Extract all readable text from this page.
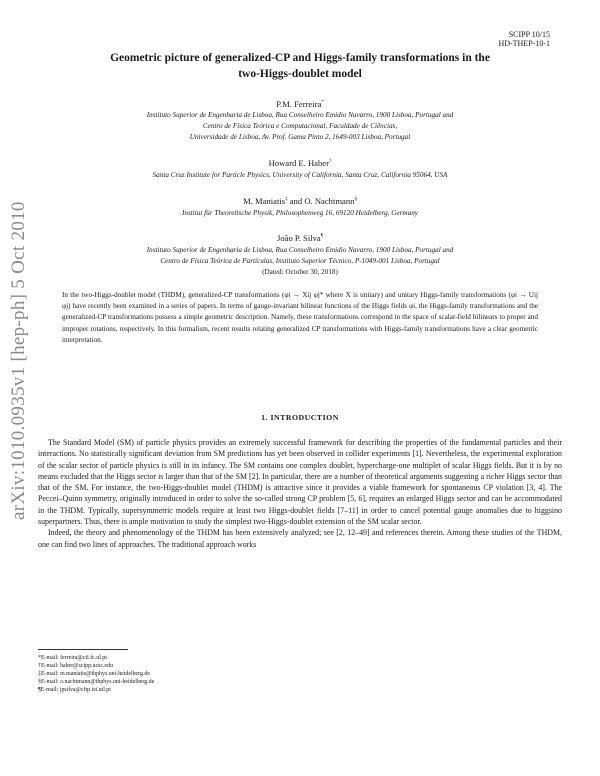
SCIPP 10/15
HD-THEP-10-1
arXiv:1010.0935v1 [hep-ph] 5 Oct 2010
Geometric picture of generalized-CP and Higgs-family transformations in the
two-Higgs-doublet model
P.M. Ferreira*
Instituto Superior de Engenharia de Lisboa, Rua Conselheiro Emídio Navarro, 1900 Lisboa, Portugal and
Centro de Física Teórica e Computacional, Faculdade de Ciências,
Universidade de Lisboa, Av. Prof. Gama Pinto 2, 1649-003 Lisboa, Portugal
Howard E. Haber†
Santa Cruz Institute for Particle Physics, University of California, Santa Cruz, California 95064, USA
M. Maniatis‡ and O. Nachtmann§
Institut für Theoretische Physik, Philosophenweg 16, 69120 Heidelberg, Germany
João P. Silva¶
Instituto Superior de Engenharia de Lisboa, Rua Conselheiro Emídio Navarro, 1900 Lisboa, Portugal and
Centro de Física Teórica de Partículas, Instituto Superior Técnico, P-1049-001 Lisboa, Portugal
(Dated: October 30, 2018)
In the two-Higgs-doublet model (THDM), generalized-CP transformations (φi → Xij φj* where X is unitary) and unitary Higgs-family transformations (φi → Uij φj) have recently been examined in a series of papers. In terms of gauge-invariant bilinear functions of the Higgs fields φi, the Higgs-family transformations and the generalized-CP transformations possess a simple geometric description. Namely, these transformations correspond in the space of scalar-field bilinears to proper and improper rotations, respectively. In this formalism, recent results relating generalized CP transformations with Higgs-family transformations have a clear geometric interpretation.
1. INTRODUCTION

The Standard Model (SM) of particle physics provides an extremely successful framework for describing the properties of the fundamental particles and their interactions. No statistically significant deviation from SM predictions has yet been observed in collider experiments [1]. Nevertheless, the experimental exploration of the scalar sector of particle physics is still in its infancy. The SM contains one complex doublet, hypercharge-one multiplet of scalar Higgs fields. But it is by no means excluded that the Higgs sector is larger than that of the SM [2]. In particular, there are a number of theoretical arguments suggesting a richer Higgs sector than that of the SM. For instance, the two-Higgs-doublet model (THDM) is attractive since it provides a viable framework for spontaneous CP violation [3, 4]. The Peccei–Quinn symmetry, originally introduced in order to solve the so-called strong CP problem [5, 6], requires an enlarged Higgs sector and can be accommodated in the THDM. Typically, supersymmetric models require at least two Higgs-doublet fields [7–11] in order to cancel potential gauge anomalies due to higgsino superpartners. Thus, there is ample motivation to study the simplest two-Higgs-doublet extension of the SM scalar sector.

Indeed, the theory and phenomenology of the THDM has been extensively analyzed; see [2, 12–49] and references therein. Among these studies of the THDM, one can find two lines of approaches. The traditional approach works

*E-mail: ferreira@cii.fc.ul.pt
†E-mail: haber@scipp.ucsc.edu
‡E-mail: m.maniatis@thphys.uni-heidelberg.de
§E-mail: o.nachtmann@thphys.uni-heidelberg.de
¶E-mail: jpsilva@cftp.ist.utl.pt
